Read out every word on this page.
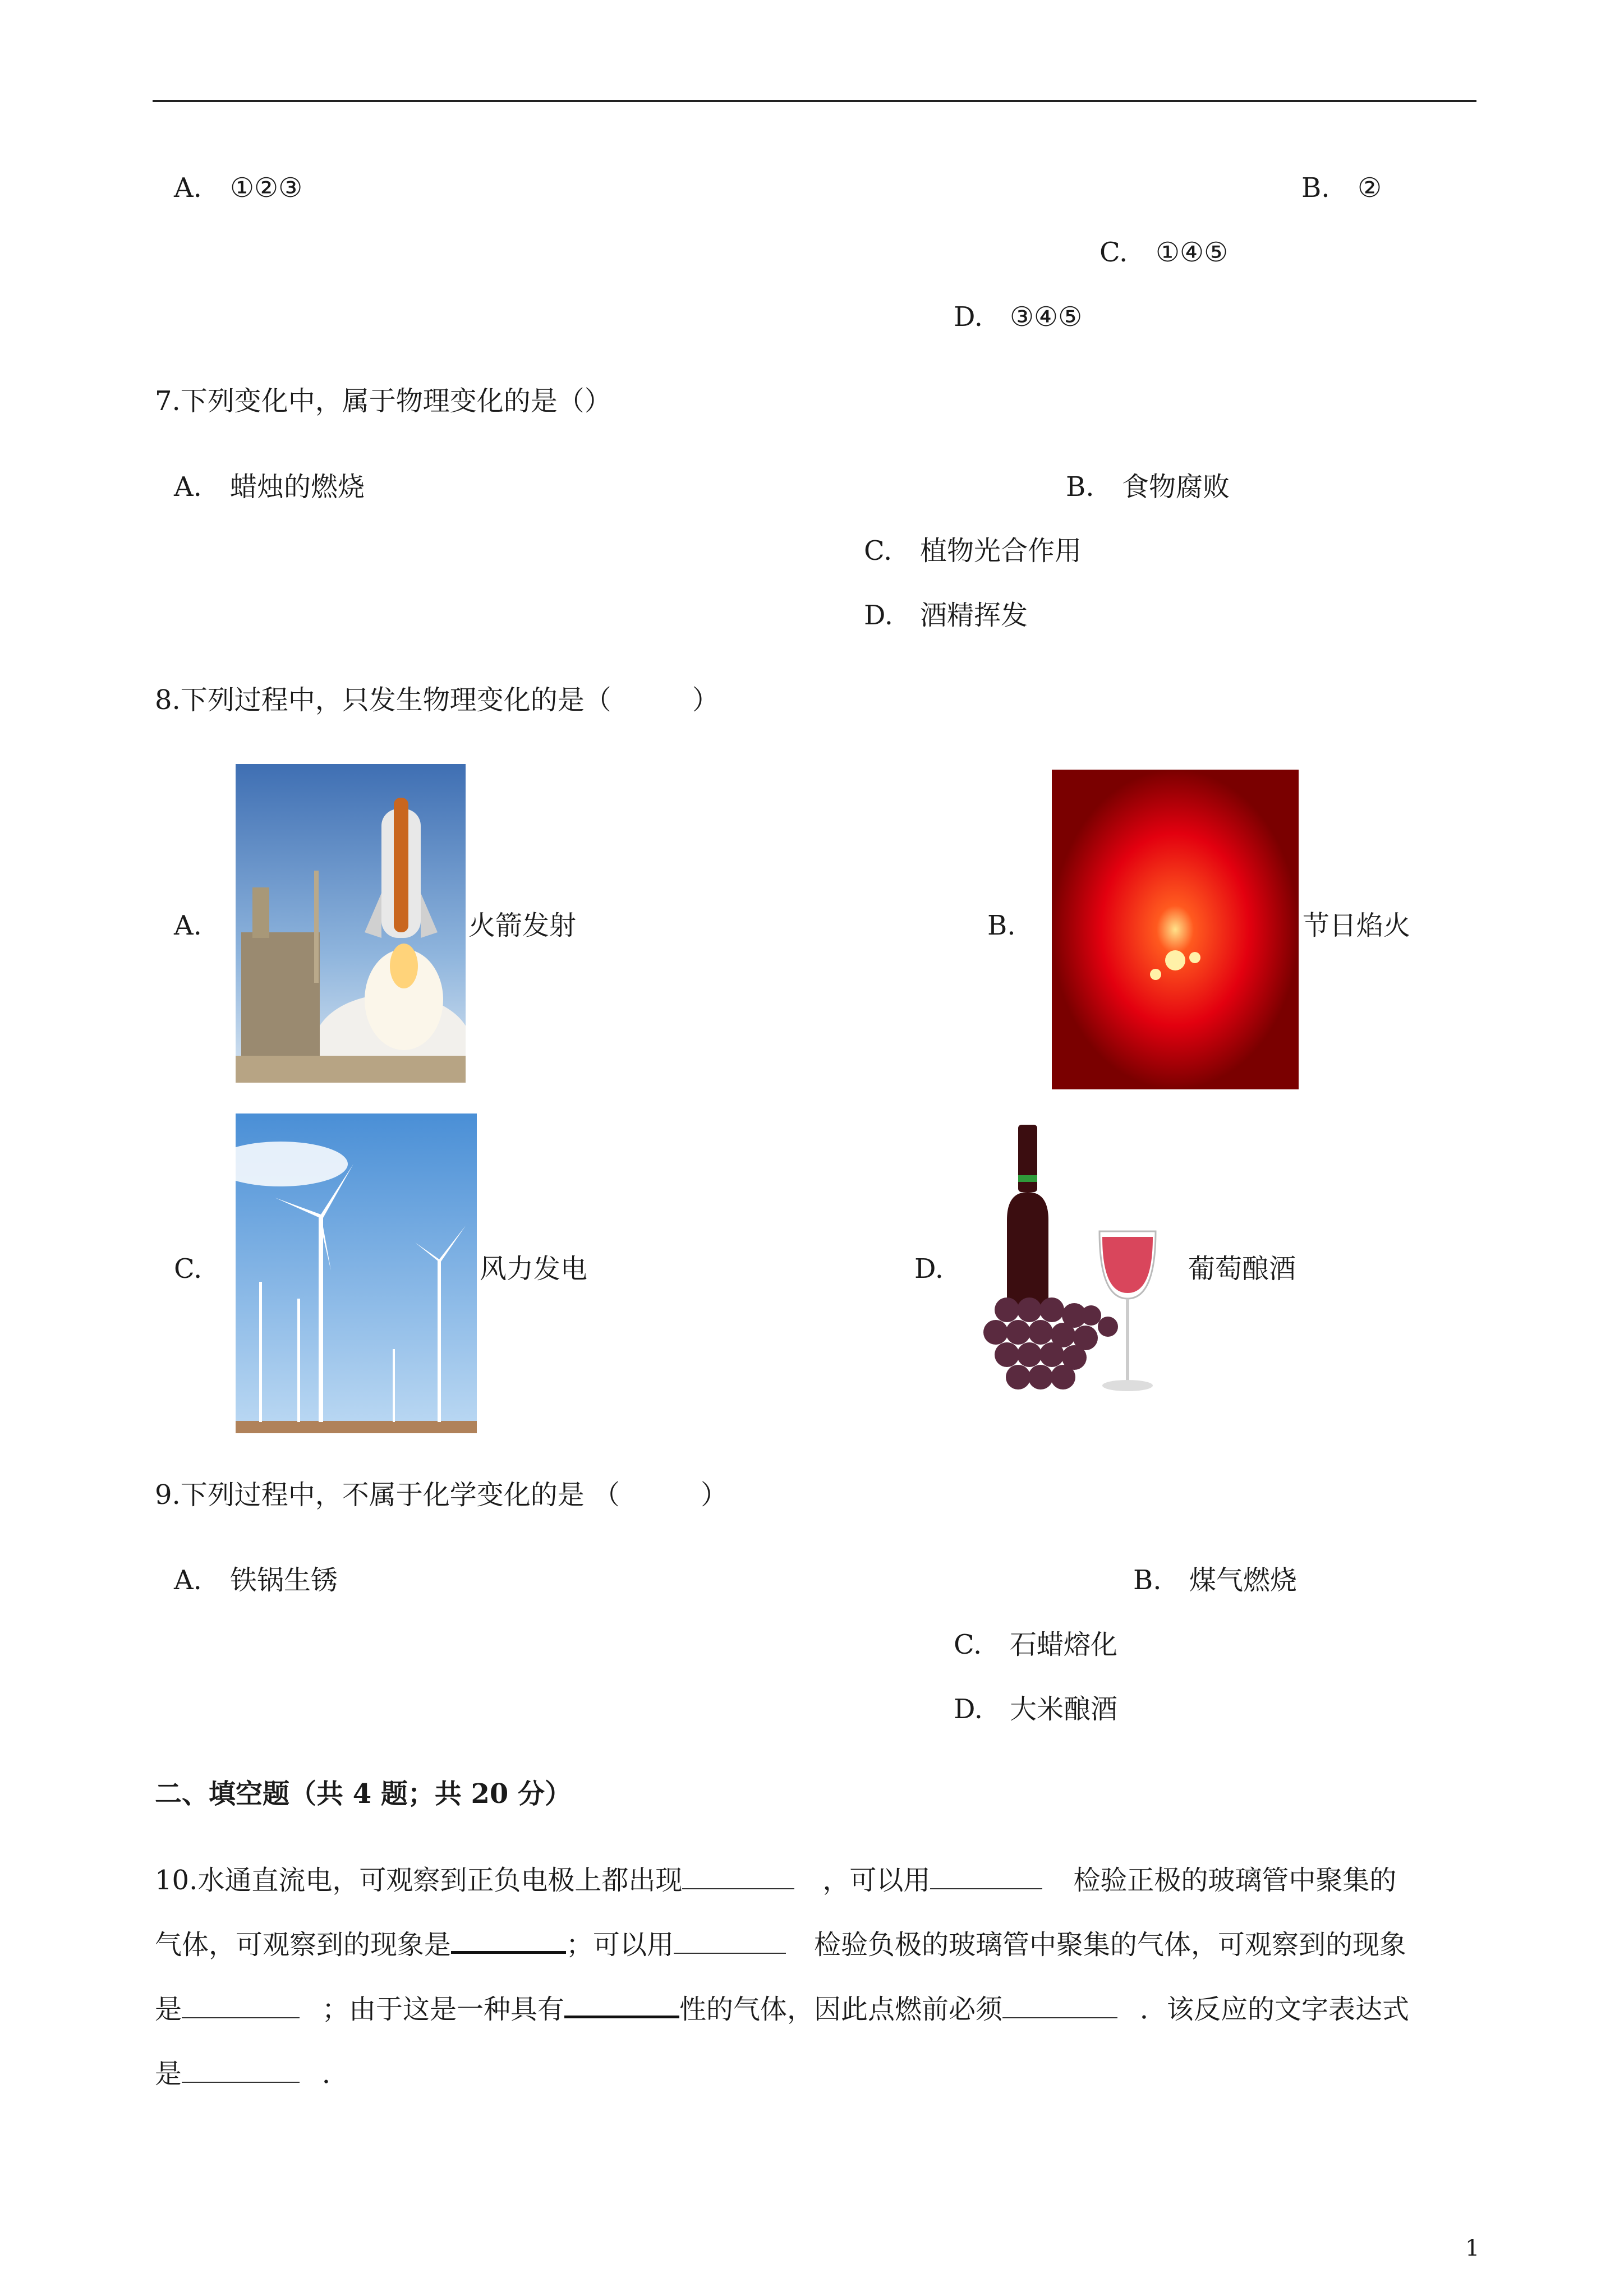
A. ①②③	B. ②
C. ①④⑤
D. ③④⑤
7.下列变化中，属于物理变化的是（）
A. 蜡烛的燃烧	B. 食物腐败
C. 植物光合作用
D. 酒精挥发
8.下列过程中，只发生物理变化的是（　　　）
A.	火箭发射	B.	节日焰火
C.	风力发电	D.	葡萄酿酒
9.下列过程中，不属于化学变化的是 （　　　）
A. 铁锅生锈	B. 煤气燃烧
C. 石蜡熔化
D. 大米酿酒
二、填空题（共 4 题；共 20 分）
10.水通直流电，可观察到正负电极上都出现	，可以用	检验正极的玻璃管中聚集的
气体，可观察到的现象是	；可以用	检验负极的玻璃管中聚集的气体，可观察到的现象
是	；由于这是一种具有	性的气体，因此点燃前必须	．该反应的文字表达式
是	．
1
